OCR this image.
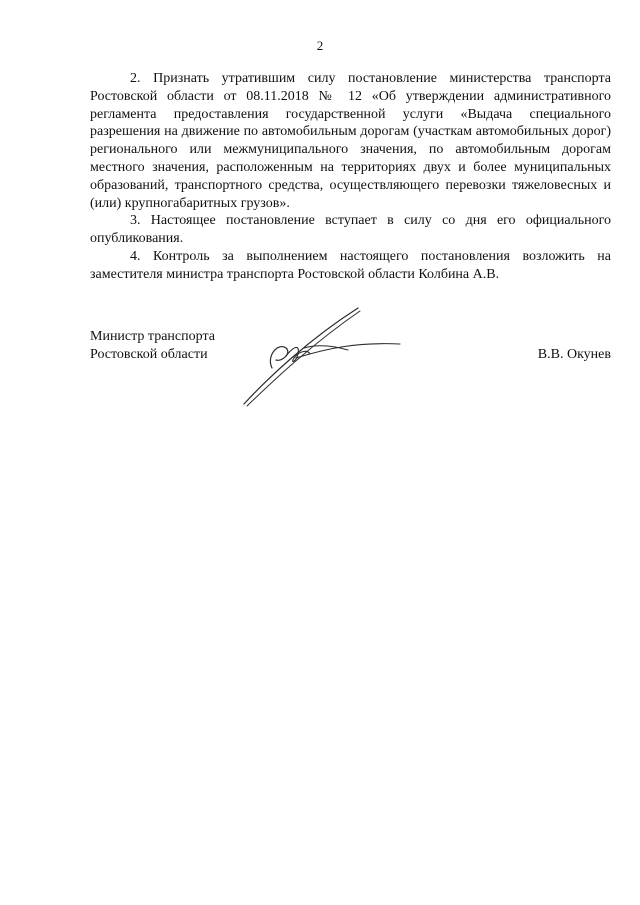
2

2. Признать утратившим силу постановление министерства транспорта Ростовской области от 08.11.2018 № 12 «Об утверждении административного регламента предоставления государственной услуги «Выдача специального разрешения на движение по автомобильным дорогам (участкам автомобильных дорог) регионального или межмуниципального значения, по автомобильным дорогам местного значения, расположенным на территориях двух и более муниципальных образований, транспортного средства, осуществляющего перевозки тяжеловесных и (или) крупногабаритных грузов».

3. Настоящее постановление вступает в силу со дня его официального опубликования.

4. Контроль за выполнением настоящего постановления возложить на заместителя министра транспорта Ростовской области Колбина А.В.

Министр транспорта
Ростовской области	В.В. Окунев
